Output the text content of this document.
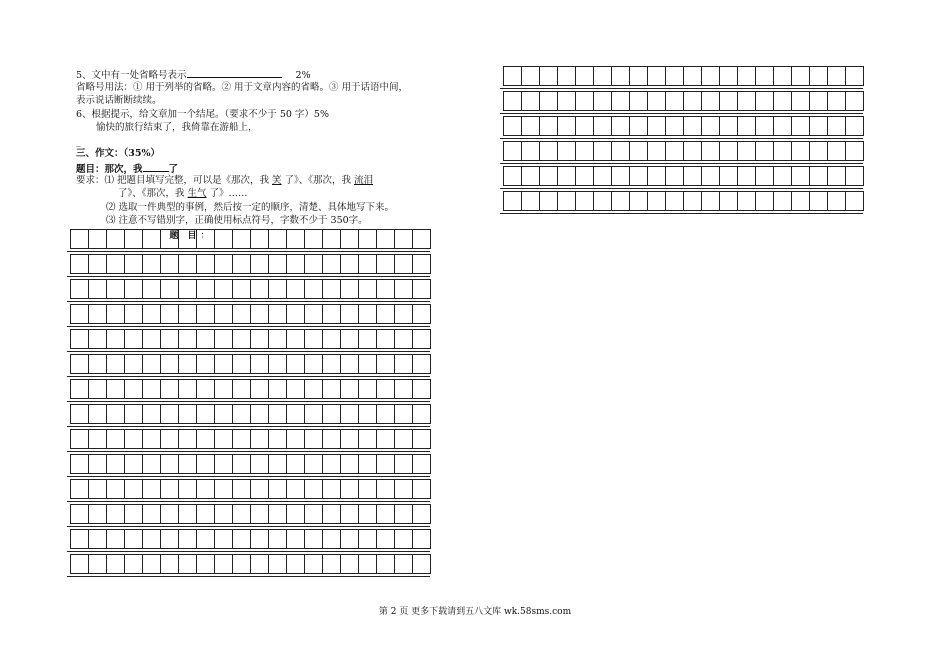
5、文中有一处省略号表示	2%
省略号用法：① 用于列举的省略。② 用于文章内容的省略。③ 用于话语中间，
表示说话断断续续。
6、根据提示，给文章加一个结尾。（要求不少于 50 字）5%
愉快的旅行结束了，我倚靠在游船上，
_
三、作文：（35%）
题目：那次，我	了
要求：⑴ 把题目填写完整，可以是《那次，我 笑 了》、《那次，我 流泪
了》、《那次，我 生气 了》……
⑵ 选取一件典型的事例，然后按一定的顺序，清楚、具体地写下来。
⑶ 注意不写错别字，正确使用标点符号，字数不少于 350字。
题 目 ：
第 2 页 更多下载请到五八文库 wk.58sms.com
